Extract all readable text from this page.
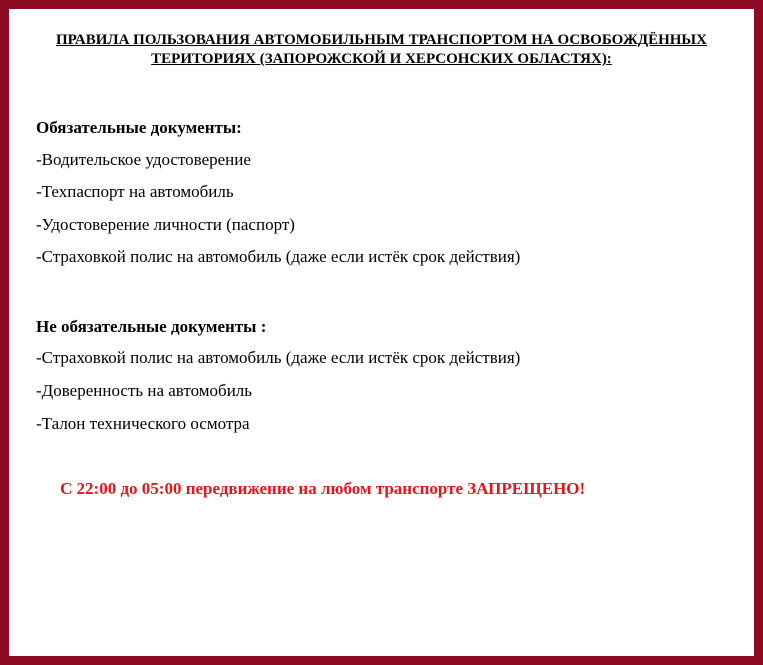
ПРАВИЛА ПОЛЬЗОВАНИЯ АВТОМОБИЛЬНЫМ ТРАНСПОРТОМ НА ОСВОБОЖДЁННЫХ
ТЕРИТОРИЯХ (ЗАПОРОЖСКОЙ И ХЕРСОНСКИХ ОБЛАСТЯХ):
Обязательные документы:
-Водительское удостоверение
-Техпаспорт на автомобиль
-Удостоверение личности (паспорт)
-Страховкой полис на автомобиль (даже если истёк срок действия)
Не обязательные документы :
-Страховкой полис на автомобиль (даже если истёк срок действия)
-Доверенность на автомобиль
-Талон технического осмотра
С 22:00 до 05:00 передвижение на любом транспорте ЗАПРЕЩЕНО!
